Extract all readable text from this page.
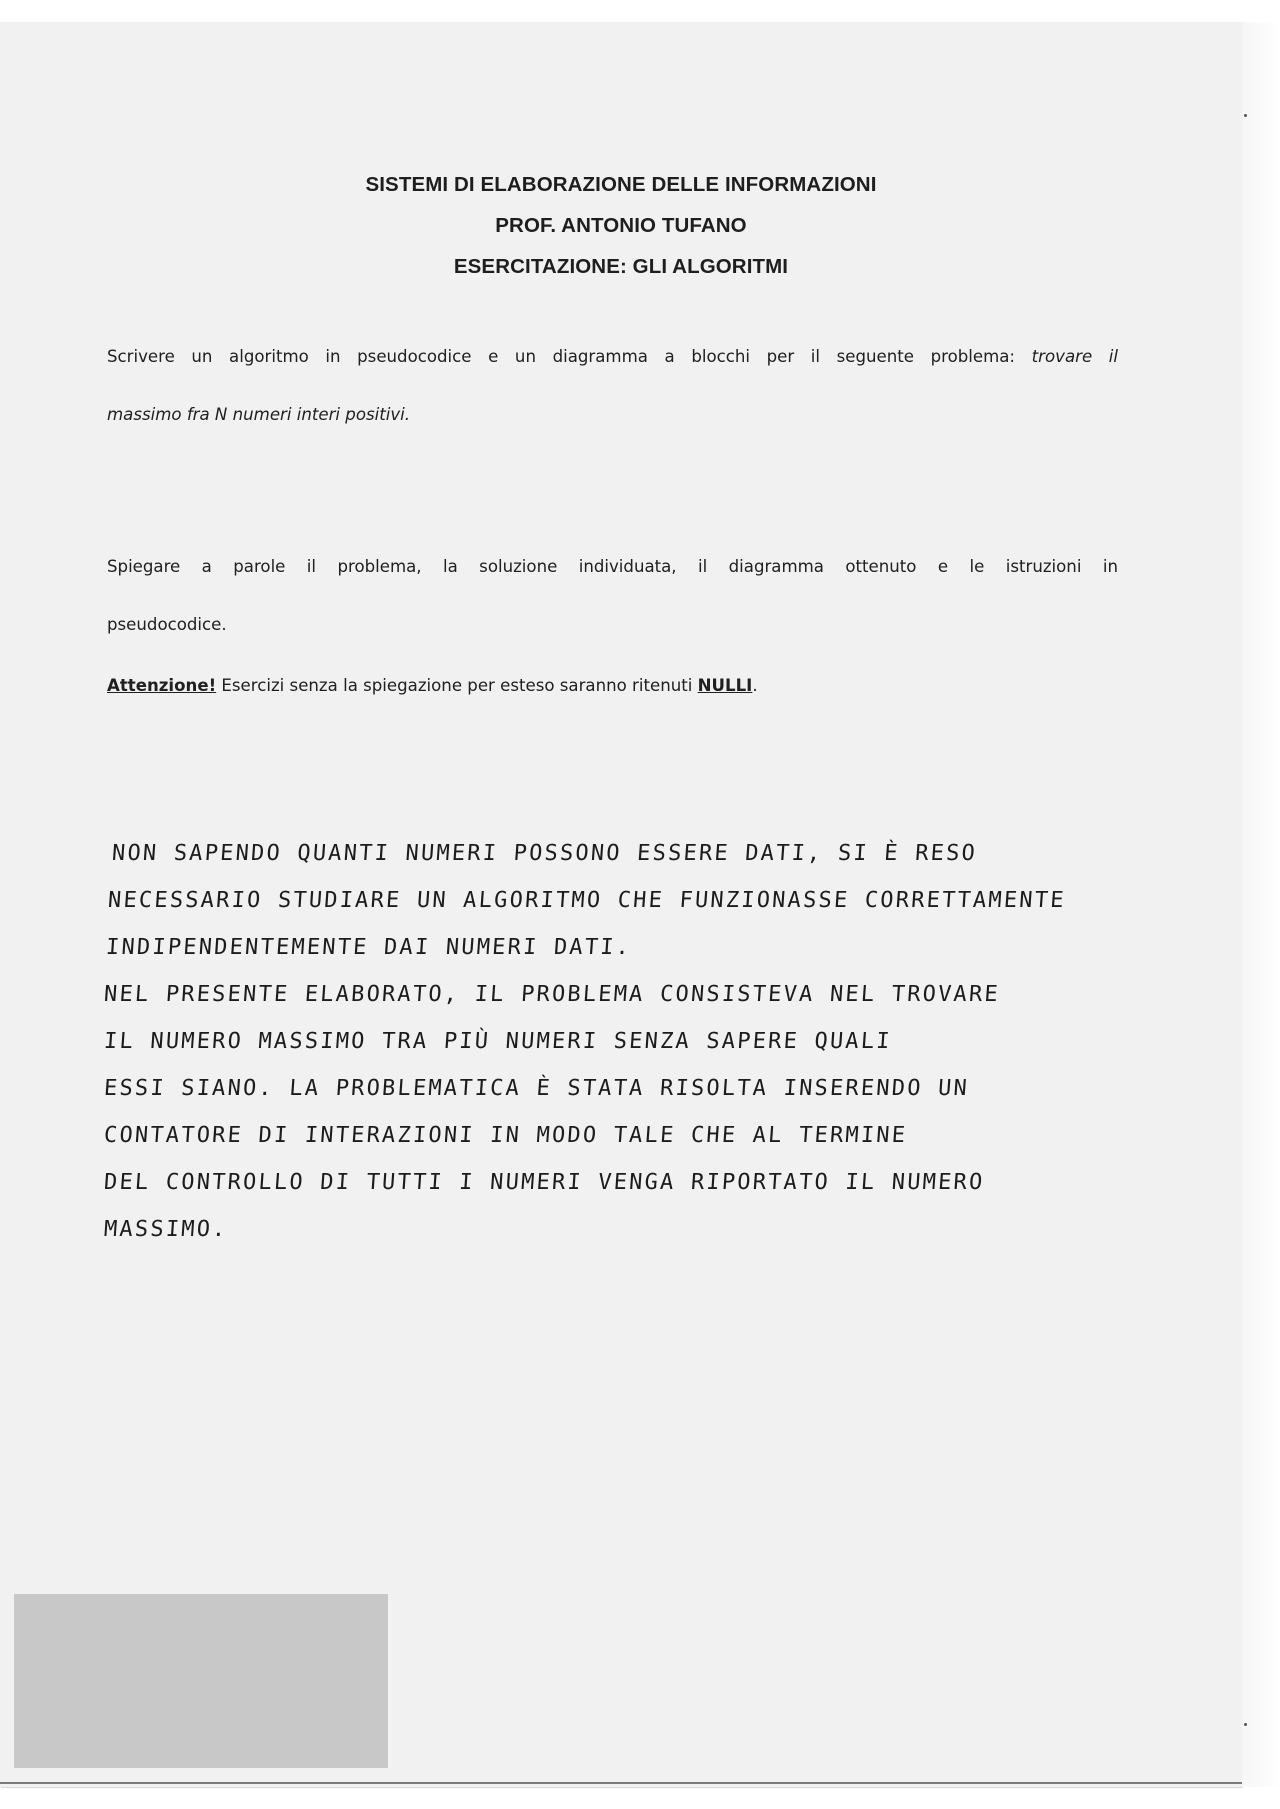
SISTEMI DI ELABORAZIONE DELLE INFORMAZIONI
PROF. ANTONIO TUFANO
ESERCITAZIONE: GLI ALGORITMI
Scrivere un algoritmo in pseudocodice e un diagramma a blocchi per il seguente problema: trovare il
massimo fra N numeri interi positivi.
Spiegare a parole il problema, la soluzione individuata, il diagramma ottenuto e le istruzioni in
pseudocodice.
Attenzione! Esercizi senza la spiegazione per esteso saranno ritenuti NULLI.
NON SAPENDO QUANTI NUMERI POSSONO ESSERE DATI, SI È RESO
NECESSARIO STUDIARE UN ALGORITMO CHE FUNZIONASSE CORRETTAMENTE
INDIPENDENTEMENTE DAI NUMERI DATI.
NEL PRESENTE ELABORATO, IL PROBLEMA CONSISTEVA NEL TROVARE
IL NUMERO MASSIMO TRA PIÙ NUMERI SENZA SAPERE QUALI
ESSI SIANO. LA PROBLEMATICA È STATA RISOLTA INSERENDO UN
CONTATORE DI INTERAZIONI IN MODO TALE CHE AL TERMINE
DEL CONTROLLO DI TUTTI I NUMERI VENGA RIPORTATO IL NUMERO
MASSIMO.
